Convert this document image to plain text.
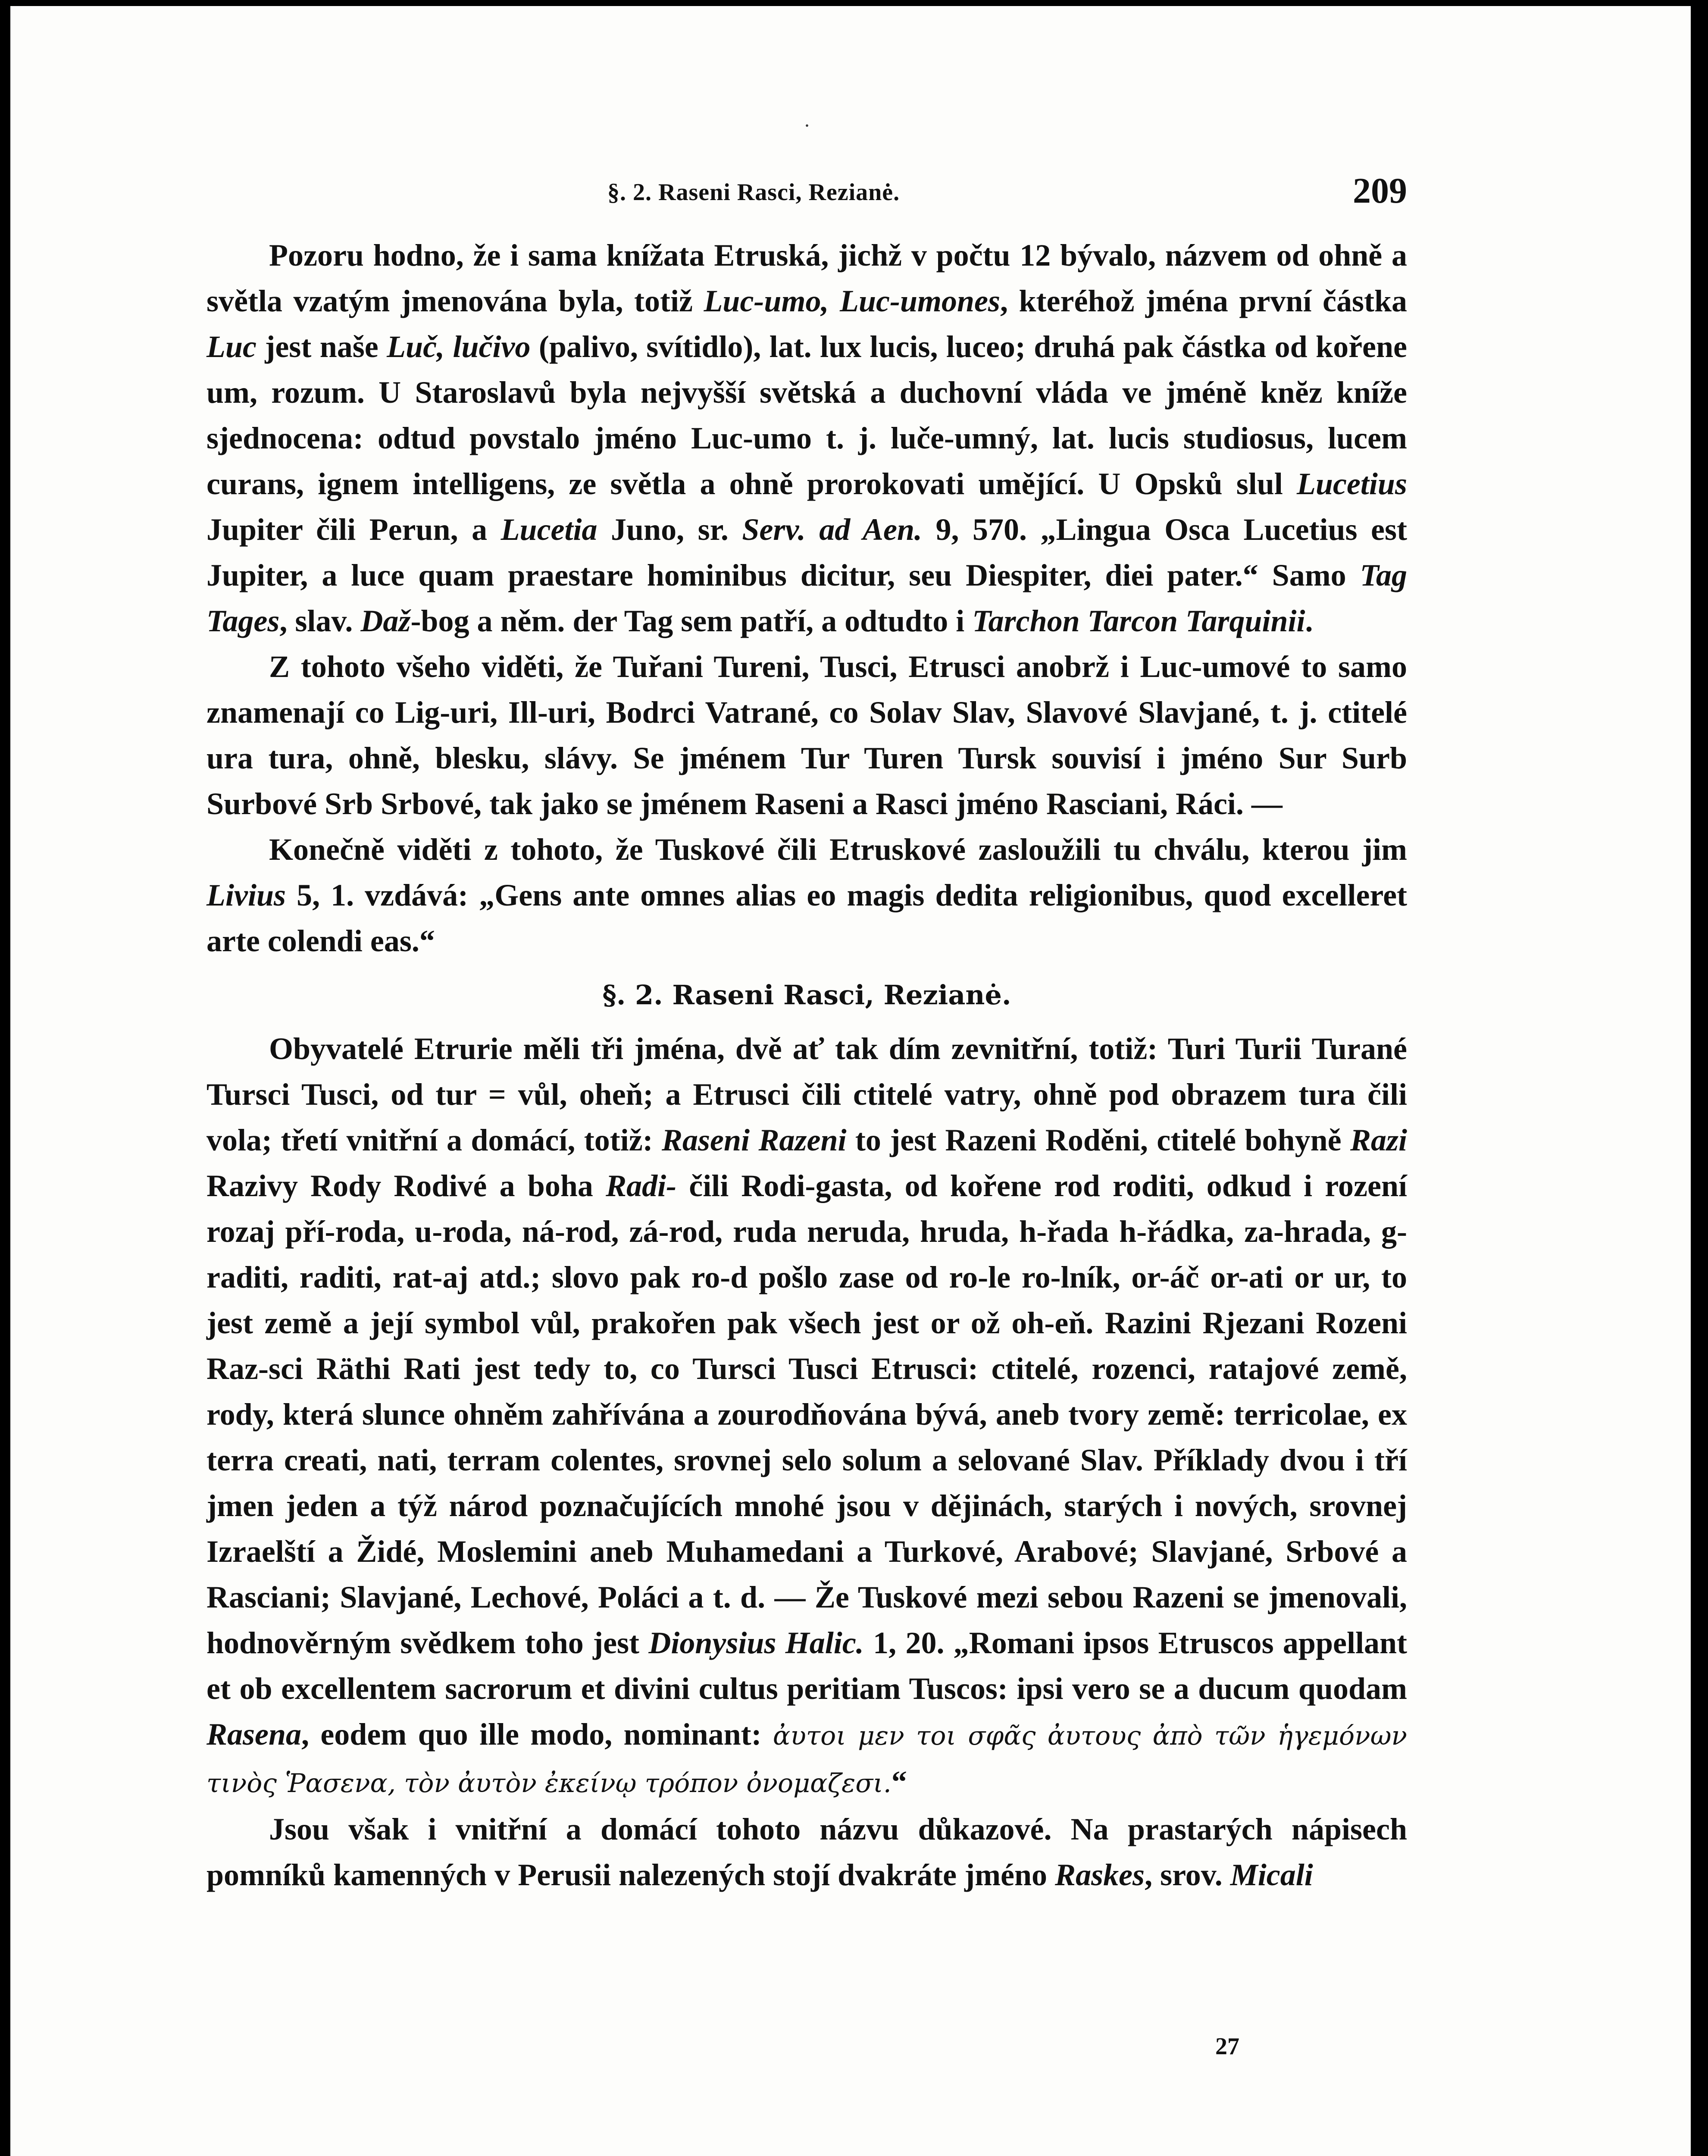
·
§. 2. Raseni Rasci, Rezianė.	209

Pozoru hodno, že i sama knížata Etruská, jichž v počtu 12 bývalo, názvem od ohně a světla vzatým jmenována byla, totiž Luc-umo, Luc-umones, kteréhož jména první částka Luc jest naše Luč, lučivo (palivo, svítidlo), lat. lux lucis, luceo; druhá pak částka od kořene um, rozum. U Staroslavů byla nejvyšší světská a duchovní vláda ve jméně knĕz kníže sjednocena: odtud povstalo jméno Luc-umo t. j. luče-umný, lat. lucis studiosus, lucem curans, ignem intelligens, ze světla a ohně prorokovati umějící. U Opsků slul Lucetius Jupiter čili Perun, a Lucetia Juno, sr. Serv. ad Aen. 9, 570. „Lingua Osca Lucetius est Jupiter, a luce quam praestare hominibus dicitur, seu Diespiter, diei pater.“ Samo Tag Tages, slav. Daž-bog a něm. der Tag sem patří, a odtudto i Tarchon Tarcon Tarquinii.

Z tohoto všeho viděti, že Tuřani Tureni, Tusci, Etrusci anobrž i Luc-umové to samo znamenají co Lig-uri, Ill-uri, Bodrci Vatrané, co Solav Slav, Slavové Slavjané, t. j. ctitelé ura tura, ohně, blesku, slávy. Se jménem Tur Turen Tursk souvisí i jméno Sur Surb Surbové Srb Srbové, tak jako se jménem Raseni a Rasci jméno Rasciani, Ráci. —

Konečně viděti z tohoto, že Tuskové čili Etruskové zasloužili tu chválu, kterou jim Livius 5, 1. vzdává: „Gens ante omnes alias eo magis dedita religionibus, quod excelleret arte colendi eas.“

§. 2. Raseni Rasci, Rezianė.

Obyvatelé Etrurie měli tři jména, dvě ať tak dím zevnitřní, totiž: Turi Turii Turané Tursci Tusci, od tur = vůl, oheň; a Etrusci čili ctitelé vatry, ohně pod obrazem tura čili vola; třetí vnitřní a domácí, totiž: Raseni Razeni to jest Razeni Roděni, ctitelé bohyně Razi Razivy Rody Rodivé a boha Radi- čili Rodi-gasta, od kořene rod roditi, odkud i rození rozaj pří-roda, u-roda, ná-rod, zá-rod, ruda neruda, hruda, h-řada h-řádka, za-hrada, g-raditi, raditi, rat-aj atd.; slovo pak ro-d pošlo zase od ro-le ro-lník, or-áč or-ati or ur, to jest země a její symbol vůl, prakořen pak všech jest or ož oh-eň. Razini Rjezani Rozeni Raz-sci Räthi Rati jest tedy to, co Tursci Tusci Etrusci: ctitelé, rozenci, ratajové země, rody, která slunce ohněm zahřívána a zourodňována bývá, aneb tvory země: terricolae, ex terra creati, nati, terram colentes, srovnej selo solum a selované Slav. Příklady dvou i tří jmen jeden a týž národ poznačujících mnohé jsou v dějinách, starých i nových, srovnej Izraelští a Židé, Moslemini aneb Muhamedani a Turkové, Arabové; Slavjané, Srbové a Rasciani; Slavjané, Lechové, Poláci a t. d. — Že Tuskové mezi sebou Razeni se jmenovali, hodnověrným svědkem toho jest Dionysius Halic. 1, 20. „Romani ipsos Etruscos appellant et ob excellentem sacrorum et divini cultus peritiam Tuscos: ipsi vero se a ducum quodam Rasena, eodem quo ille modo, nominant: ἀυτοι μεν τοι σφᾶς ἀυτους ἀπὸ τῶν ἡγεμόνων τινὸς Ῥασενα, τὸν ἀυτὸν ἐκείνῳ τρόπον ὀνομαζεσι.“

Jsou však i vnitřní a domácí tohoto názvu důkazové. Na prastarých nápisech pomníků kamenných v Perusii nalezených stojí dvakráte jméno Raskes, srov. Micali

27
